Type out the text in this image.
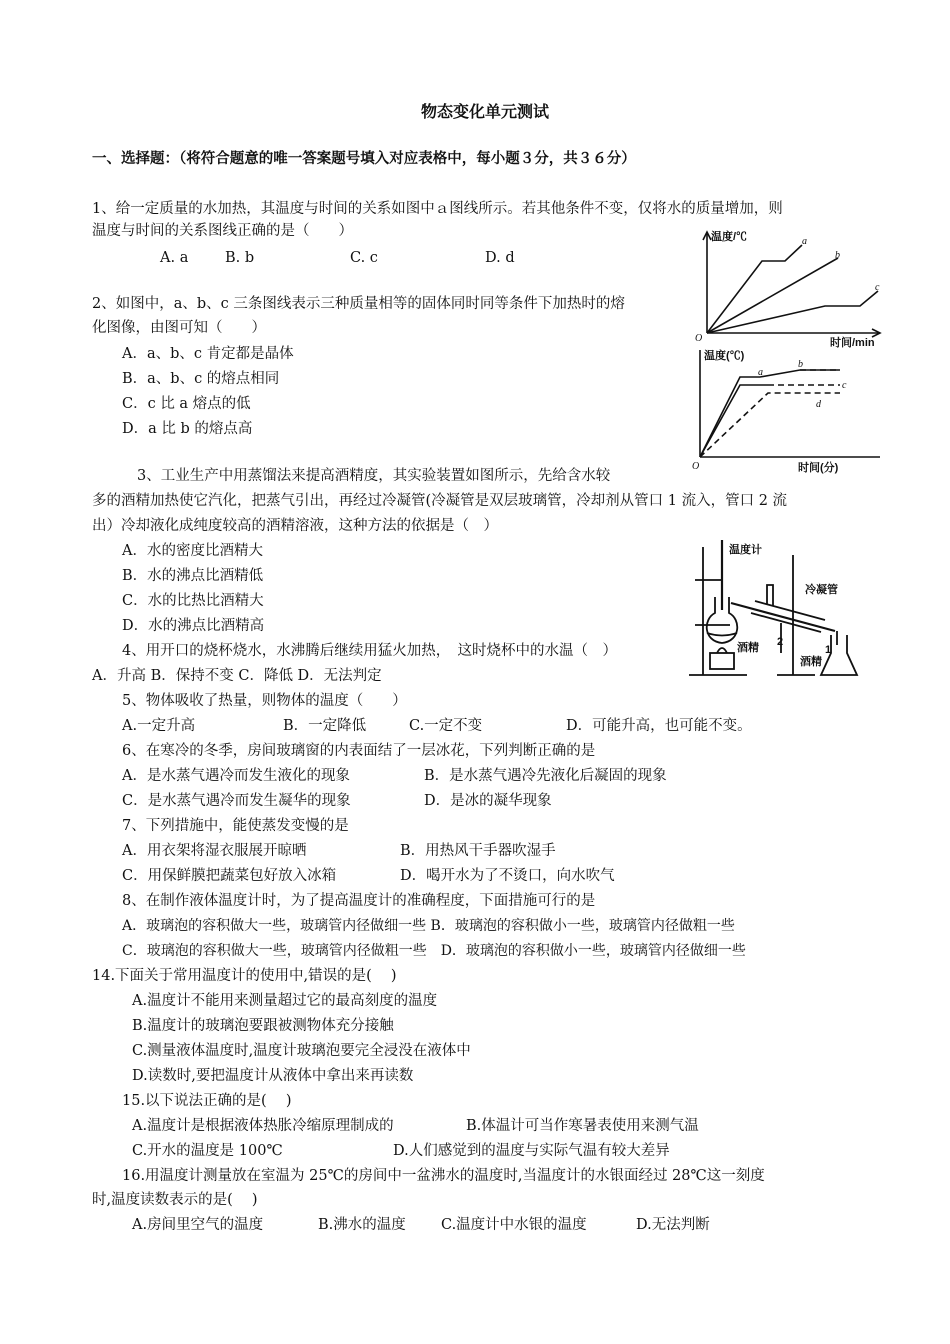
物态变化单元测试
一、选择题：（将符合题意的唯一答案题号填入对应表格中，每小题３分，共３６分）
1、给一定质量的水加热，其温度与时间的关系如图中ａ图线所示。若其他条件不变，仅将水的质量增加，则
温度与时间的关系图线正确的是（　　）
A. a	B. b	C. c	D. d
2、如图中，a、b、c 三条图线表示三种质量相等的固体同时同等条件下加热时的熔
化图像，由图可知（　　）
A．a、b、c 肯定都是晶体
B．a、b、c 的熔点相同
C．c 比 a 熔点的低
D．a 比 b 的熔点高
3、工业生产中用蒸馏法来提高酒精度，其实验装置如图所示，先给含水较
多的酒精加热使它汽化，把蒸气引出，再经过冷凝管(冷凝管是双层玻璃管，冷却剂从管口 1 流入，管口 2 流
出）冷却液化成纯度较高的酒精溶液，这种方法的依据是（　）
A．水的密度比酒精大
B．水的沸点比酒精低
C．水的比热比酒精大
D．水的沸点比酒精高
4、用开口的烧杯烧水，水沸腾后继续用猛火加热，　这时烧杯中的水温（　）
A．升高 B．保持不变 C．降低 D．无法判定
5、物体吸收了热量，则物体的温度（　　）
A.一定升高	B．一定降低	C.一定不变	D．可能升高，也可能不变。
6、在寒冷的冬季，房间玻璃窗的内表面结了一层冰花，下列判断正确的是
A．是水蒸气遇冷而发生液化的现象	B．是水蒸气遇冷先液化后凝固的现象
C．是水蒸气遇冷而发生凝华的现象	D．是冰的凝华现象
7、下列措施中，能使蒸发变慢的是
A．用衣架将湿衣服展开晾晒	B．用热风干手器吹湿手
C．用保鲜膜把蔬菜包好放入冰箱	D．喝开水为了不烫口，向水吹气
8、在制作液体温度计时，为了提高温度计的准确程度，下面措施可行的是
A．玻璃泡的容积做大一些，玻璃管内径做细一些 B．玻璃泡的容积做小一些，玻璃管内径做粗一些
C．玻璃泡的容积做大一些，玻璃管内径做粗一些　D．玻璃泡的容积做小一些，玻璃管内径做细一些
14.下面关于常用温度计的使用中,错误的是(　 )
A.温度计不能用来测量超过它的最高刻度的温度
B.温度计的玻璃泡要跟被测物体充分接触
C.测量液体温度时,温度计玻璃泡要完全浸没在液体中
D.读数时,要把温度计从液体中拿出来再读数
15.以下说法正确的是(　 )
A.温度计是根据液体热胀冷缩原理制成的	B.体温计可当作寒暑表使用来测气温
C.开水的温度是 100℃	D.人们感觉到的温度与实际气温有较大差异
16.用温度计测量放在室温为 25℃的房间中一盆沸水的温度时,当温度计的水银面经过 28℃这一刻度
时,温度读数表示的是(　 )
A.房间里空气的温度	B.沸水的温度 C.温度计中水银的温度	D.无法判断
温度/℃
时间/min
O
a
b
c
温度(℃)
时间(分)
O
a
b
c
d
温度计
冷凝管
酒精
酒精
2
1
